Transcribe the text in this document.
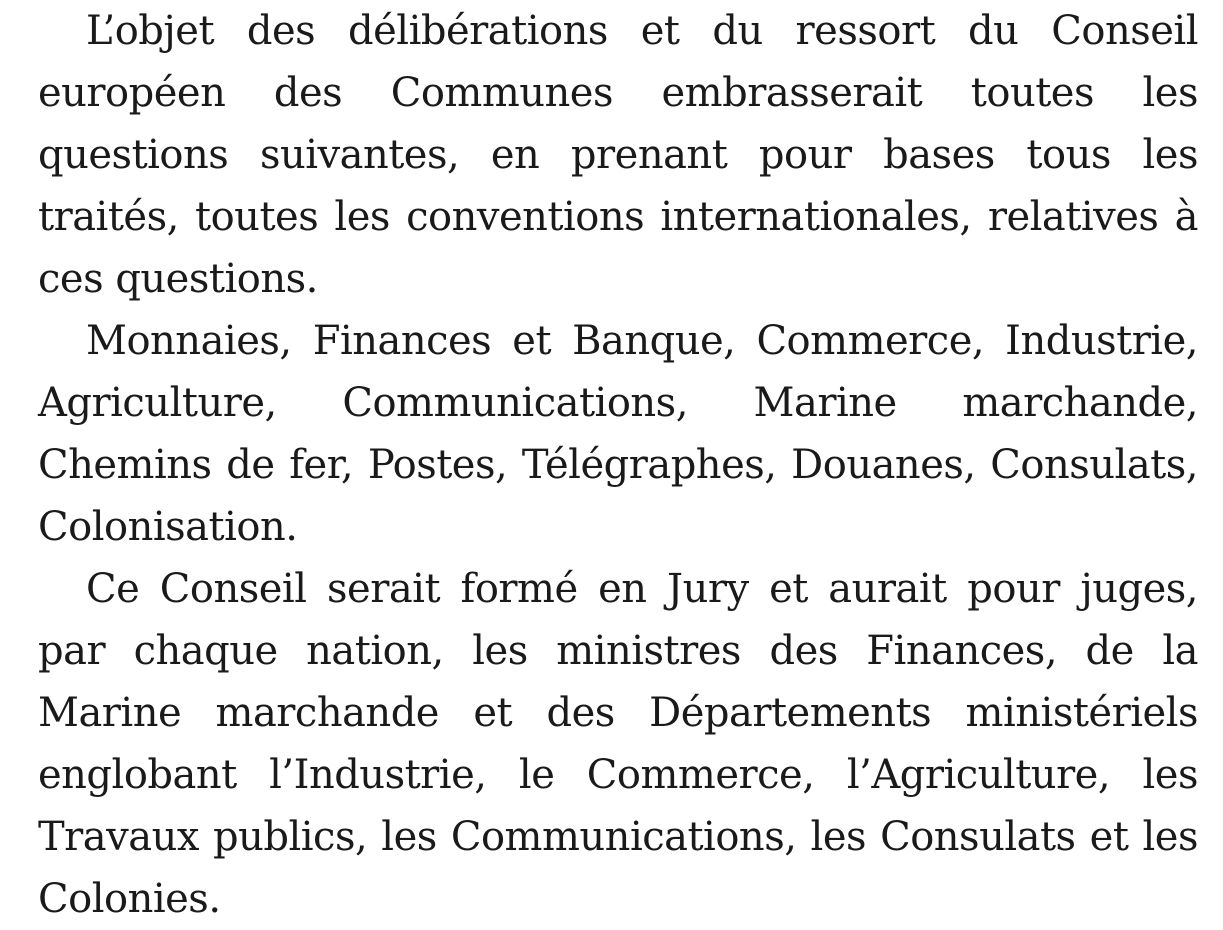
L’objet des délibérations et du ressort du Conseil européen des Communes embrasserait toutes les questions suivantes, en prenant pour bases tous les traités, toutes les conventions internationales, relatives à ces questions.

Monnaies, Finances et Banque, Commerce, Industrie, Agriculture, Communications, Marine marchande, Chemins de fer, Postes, Télégraphes, Douanes, Consulats, Colonisation.

Ce Conseil serait formé en Jury et aurait pour juges, par chaque nation, les ministres des Finances, de la Marine marchande et des Départements ministériels englobant l’Industrie, le Commerce, l’Agriculture, les Travaux publics, les Communications, les Consulats et les Colonies.
